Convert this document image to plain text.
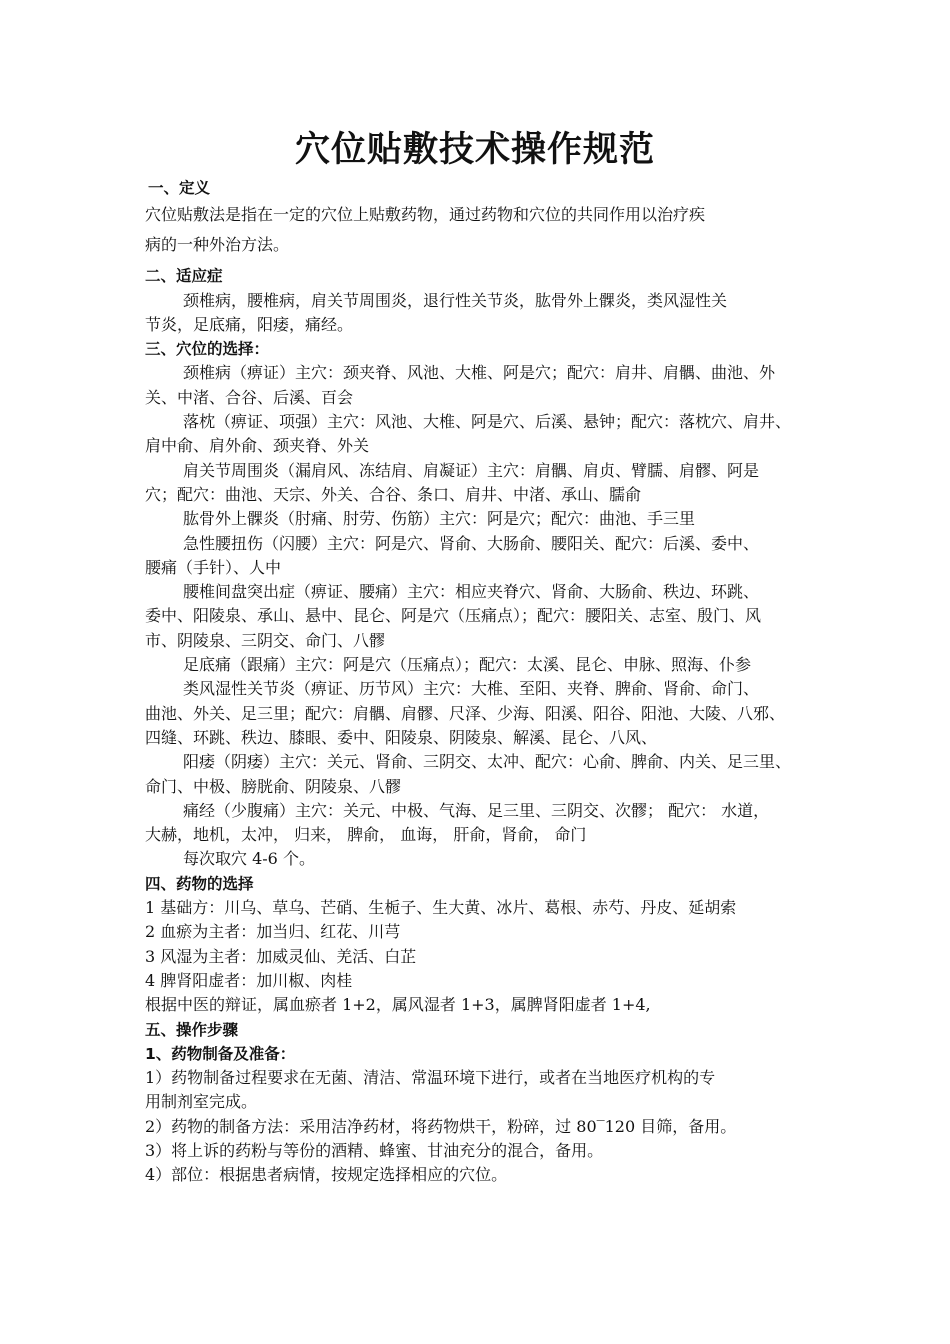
穴位贴敷技术操作规范
一、定义
穴位贴敷法是指在一定的穴位上贴敷药物，通过药物和穴位的共同作用以治疗疾
病的一种外治方法。
二、适应症
颈椎病，腰椎病，肩关节周围炎，退行性关节炎，肱骨外上髁炎，类风湿性关
节炎，足底痛，阳痿，痛经。
三、穴位的选择：
颈椎病（痹证）主穴：颈夹脊、风池、大椎、阿是穴；配穴：肩井、肩髃、曲池、外
关、中渚、合谷、后溪、百会
落枕（痹证、项强）主穴：风池、大椎、阿是穴、后溪、悬钟；配穴：落枕穴、肩井、
肩中俞、肩外俞、颈夹脊、外关
肩关节周围炎（漏肩风、冻结肩、肩凝证）主穴：肩髃、肩贞、臂臑、肩髎、阿是
穴；配穴：曲池、天宗、外关、合谷、条口、肩井、中渚、承山、臑俞
肱骨外上髁炎（肘痛、肘劳、伤筋）主穴：阿是穴；配穴：曲池、手三里
急性腰扭伤（闪腰）主穴：阿是穴、肾俞、大肠俞、腰阳关、配穴：后溪、委中、
腰痛（手针）、人中
腰椎间盘突出症（痹证、腰痛）主穴：相应夹脊穴、肾俞、大肠俞、秩边、环跳、
委中、阳陵泉、承山、悬中、昆仑、阿是穴（压痛点）；配穴：腰阳关、志室、殷门、风
市、阴陵泉、三阴交、命门、八髎
足底痛（跟痛）主穴：阿是穴（压痛点）；配穴：太溪、昆仑、申脉、照海、仆参
类风湿性关节炎（痹证、历节风）主穴：大椎、至阳、夹脊、脾俞、肾俞、命门、
曲池、外关、足三里；配穴：肩髃、肩髎、尺泽、少海、阳溪、阳谷、阳池、大陵、八邪、
四缝、环跳、秩边、膝眼、委中、阳陵泉、阴陵泉、解溪、昆仑、八风、
阳痿（阴痿）主穴：关元、肾俞、三阴交、太冲、配穴：心俞、脾俞、内关、足三里、
命门、中极、膀胱俞、阴陵泉、八髎
痛经（少腹痛）主穴：关元、中极、气海、足三里、三阴交、次髎； 配穴： 水道，
大赫，地机，太冲， 归来， 脾俞， 血诲， 肝俞，肾俞， 命门
每次取穴 4-6 个。
四、药物的选择
1 基础方：川乌、草乌、芒硝、生栀子、生大黄、冰片、葛根、赤芍、丹皮、延胡索
2 血瘀为主者：加当归、红花、川芎
3 风湿为主者：加威灵仙、羌活、白芷
4 脾肾阳虚者：加川椒、肉桂
根据中医的辩证，属血瘀者 1+2，属风湿者 1+3，属脾肾阳虚者 1+4,
五、操作步骤
1、药物制备及准备：
1）药物制备过程要求在无菌、清洁、常温环境下进行，或者在当地医疗机构的专
用制剂室完成。
2）药物的制备方法：采用洁净药材，将药物烘干，粉碎，过 80‾120 目筛，备用。
3）将上诉的药粉与等份的酒精、蜂蜜、甘油充分的混合，备用。
4）部位：根据患者病情，按规定选择相应的穴位。
